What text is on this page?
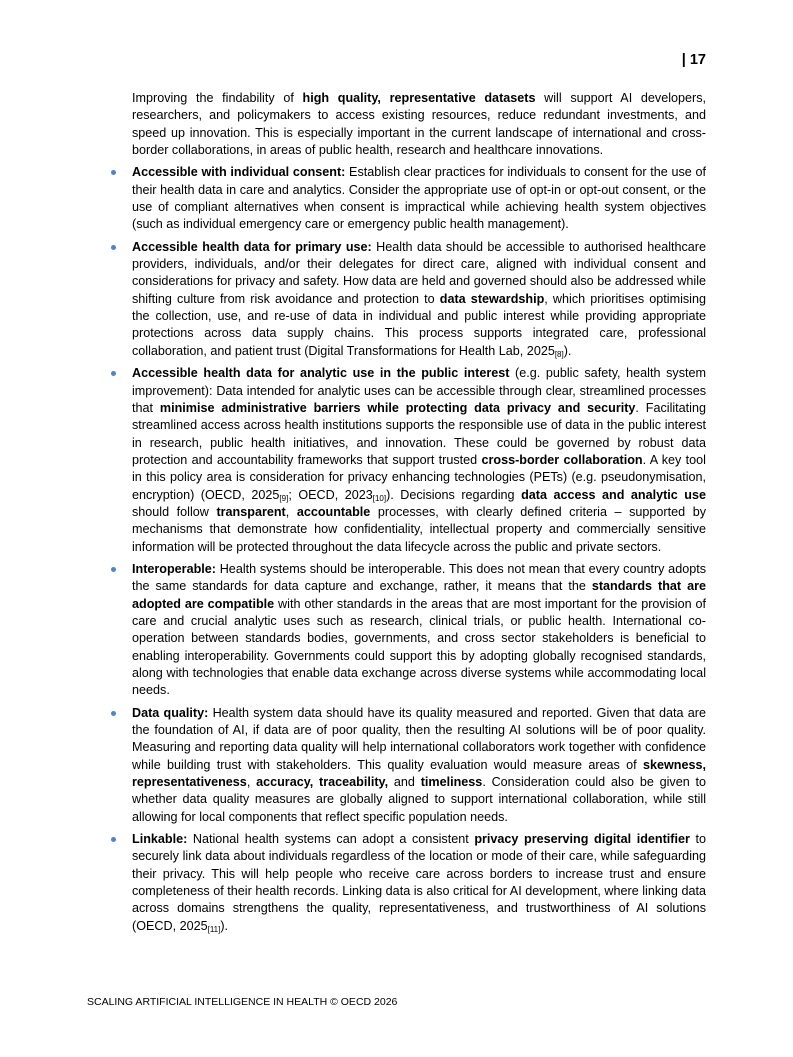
| 17

Improving the findability of high quality, representative datasets will support AI developers, researchers, and policymakers to access existing resources, reduce redundant investments, and speed up innovation. This is especially important in the current landscape of international and cross-border collaborations, in areas of public health, research and healthcare innovations.

Accessible with individual consent: Establish clear practices for individuals to consent for the use of their health data in care and analytics. Consider the appropriate use of opt-in or opt-out consent, or the use of compliant alternatives when consent is impractical while achieving health system objectives (such as individual emergency care or emergency public health management).
Accessible health data for primary use: Health data should be accessible to authorised healthcare providers, individuals, and/or their delegates for direct care, aligned with individual consent and considerations for privacy and safety. How data are held and governed should also be addressed while shifting culture from risk avoidance and protection to data stewardship, which prioritises optimising the collection, use, and re-use of data in individual and public interest while providing appropriate protections across data supply chains. This process supports integrated care, professional collaboration, and patient trust (Digital Transformations for Health Lab, $2025_{[8]}$).
Accessible health data for analytic use in the public interest (e.g. public safety, health system improvement): Data intended for analytic uses can be accessible through clear, streamlined processes that minimise administrative barriers while protecting data privacy and security. Facilitating streamlined access across health institutions supports the responsible use of data in the public interest in research, public health initiatives, and innovation. These could be governed by robust data protection and accountability frameworks that support trusted cross-border collaboration. A key tool in this policy area is consideration for privacy enhancing technologies (PETs) (e.g. pseudonymisation, encryption) (OECD, $2025_{[9]}$; OECD, $2023_{[10]}$). Decisions regarding data access and analytic use should follow transparent, accountable processes, with clearly defined criteria – supported by mechanisms that demonstrate how confidentiality, intellectual property and commercially sensitive information will be protected throughout the data lifecycle across the public and private sectors.
Interoperable: Health systems should be interoperable. This does not mean that every country adopts the same standards for data capture and exchange, rather, it means that the standards that are adopted are compatible with other standards in the areas that are most important for the provision of care and crucial analytic uses such as research, clinical trials, or public health. International co-operation between standards bodies, governments, and cross sector stakeholders is beneficial to enabling interoperability. Governments could support this by adopting globally recognised standards, along with technologies that enable data exchange across diverse systems while accommodating local needs.
Data quality: Health system data should have its quality measured and reported. Given that data are the foundation of AI, if data are of poor quality, then the resulting AI solutions will be of poor quality. Measuring and reporting data quality will help international collaborators work together with confidence while building trust with stakeholders. This quality evaluation would measure areas of skewness, representativeness, accuracy, traceability, and timeliness. Consideration could also be given to whether data quality measures are globally aligned to support international collaboration, while still allowing for local components that reflect specific population needs.
Linkable: National health systems can adopt a consistent privacy preserving digital identifier to securely link data about individuals regardless of the location or mode of their care, while safeguarding their privacy. This will help people who receive care across borders to increase trust and ensure completeness of their health records. Linking data is also critical for AI development, where linking data across domains strengthens the quality, representativeness, and trustworthiness of AI solutions (OECD, $2025_{[11]}$).
SCALING ARTIFICIAL INTELLIGENCE IN HEALTH © OECD 2026
